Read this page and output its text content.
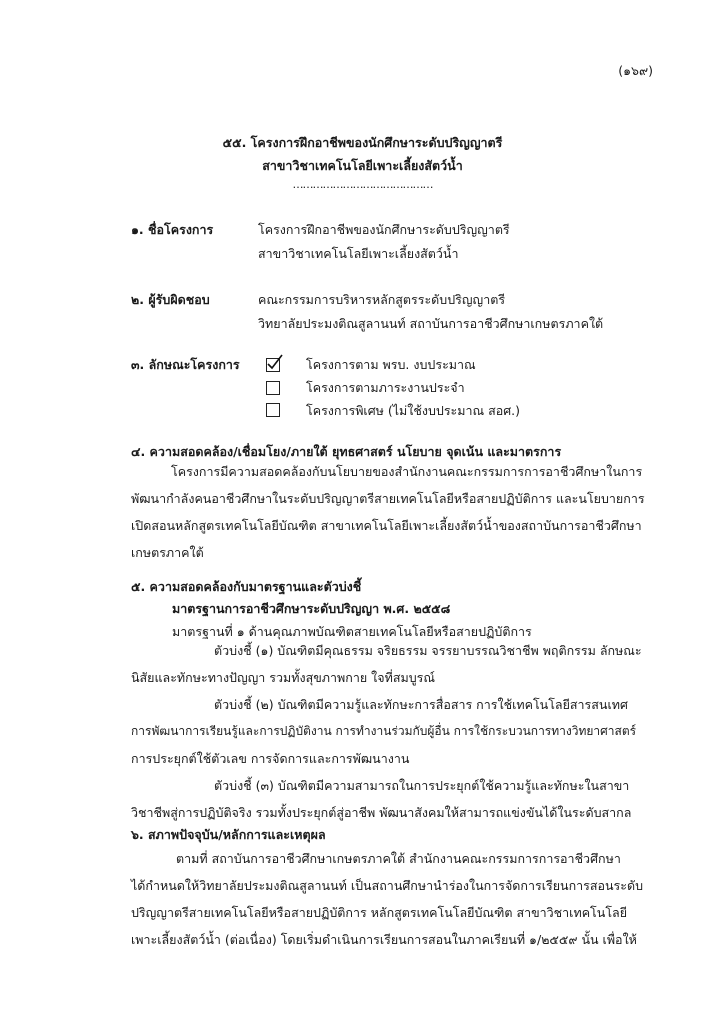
(๑๖๙)
๕๕. โครงการฝึกอาชีพของนักศึกษาระดับปริญญาตรี
สาขาวิชาเทคโนโลยีเพาะเลี้ยงสัตว์น้ำ
……………………………………
๑. ชื่อโครงการ	โครงการฝึกอาชีพของนักศึกษาระดับปริญญาตรี
สาขาวิชาเทคโนโลยีเพาะเลี้ยงสัตว์น้ำ
๒. ผู้รับผิดชอบ	คณะกรรมการบริหารหลักสูตรระดับปริญญาตรี
วิทยาลัยประมงติณสูลานนท์ สถาบันการอาชีวศึกษาเกษตรภาคใต้
๓. ลักษณะโครงการ	โครงการตาม พรบ. งบประมาณ
โครงการตามภาระงานประจำ
โครงการพิเศษ (ไม่ใช้งบประมาณ สอศ.)
๔. ความสอดคล้อง/เชื่อมโยง/ภายใต้ ยุทธศาสตร์ นโยบาย จุดเน้น และมาตรการ
โครงการมีความสอดคล้องกับนโยบายของสำนักงานคณะกรรมการการอาชีวศึกษาในการ
พัฒนากำลังคนอาชีวศึกษาในระดับปริญญาตรีสายเทคโนโลยีหรือสายปฏิบัติการ และนโยบายการ
เปิดสอนหลักสูตรเทคโนโลยีบัณฑิต สาขาเทคโนโลยีเพาะเลี้ยงสัตว์น้ำของสถาบันการอาชีวศึกษา
เกษตรภาคใต้
๕. ความสอดคล้องกับมาตรฐานและตัวบ่งชี้
มาตรฐานการอาชีวศึกษาระดับปริญญา พ.ศ. ๒๕๕๘
มาตรฐานที่ ๑ ด้านคุณภาพบัณฑิตสายเทคโนโลยีหรือสายปฏิบัติการ
ตัวบ่งชี้ (๑) บัณฑิตมีคุณธรรม จริยธรรม จรรยาบรรณวิชาชีพ พฤติกรรม ลักษณะ
นิสัยและทักษะทางปัญญา รวมทั้งสุขภาพกาย ใจที่สมบูรณ์
ตัวบ่งชี้ (๒) บัณฑิตมีความรู้และทักษะการสื่อสาร การใช้เทคโนโลยีสารสนเทศ
การพัฒนาการเรียนรู้และการปฏิบัติงาน การทำงานร่วมกับผู้อื่น การใช้กระบวนการทางวิทยาศาสตร์
การประยุกต์ใช้ตัวเลข การจัดการและการพัฒนางาน
ตัวบ่งชี้ (๓) บัณฑิตมีความสามารถในการประยุกต์ใช้ความรู้และทักษะในสาขา
วิชาชีพสู่การปฏิบัติจริง รวมทั้งประยุกต์สู่อาชีพ พัฒนาสังคมให้สามารถแข่งขันได้ในระดับสากล
๖. สภาพปัจจุบัน/หลักการและเหตุผล
ตามที่ สถาบันการอาชีวศึกษาเกษตรภาคใต้ สำนักงานคณะกรรมการการอาชีวศึกษา
ได้กำหนดให้วิทยาลัยประมงติณสูลานนท์ เป็นสถานศึกษานำร่องในการจัดการเรียนการสอนระดับ
ปริญญาตรีสายเทคโนโลยีหรือสายปฏิบัติการ หลักสูตรเทคโนโลยีบัณฑิต สาขาวิชาเทคโนโลยี
เพาะเลี้ยงสัตว์น้ำ (ต่อเนื่อง) โดยเริ่มดำเนินการเรียนการสอนในภาคเรียนที่ ๑/๒๕๕๙ นั้น เพื่อให้
